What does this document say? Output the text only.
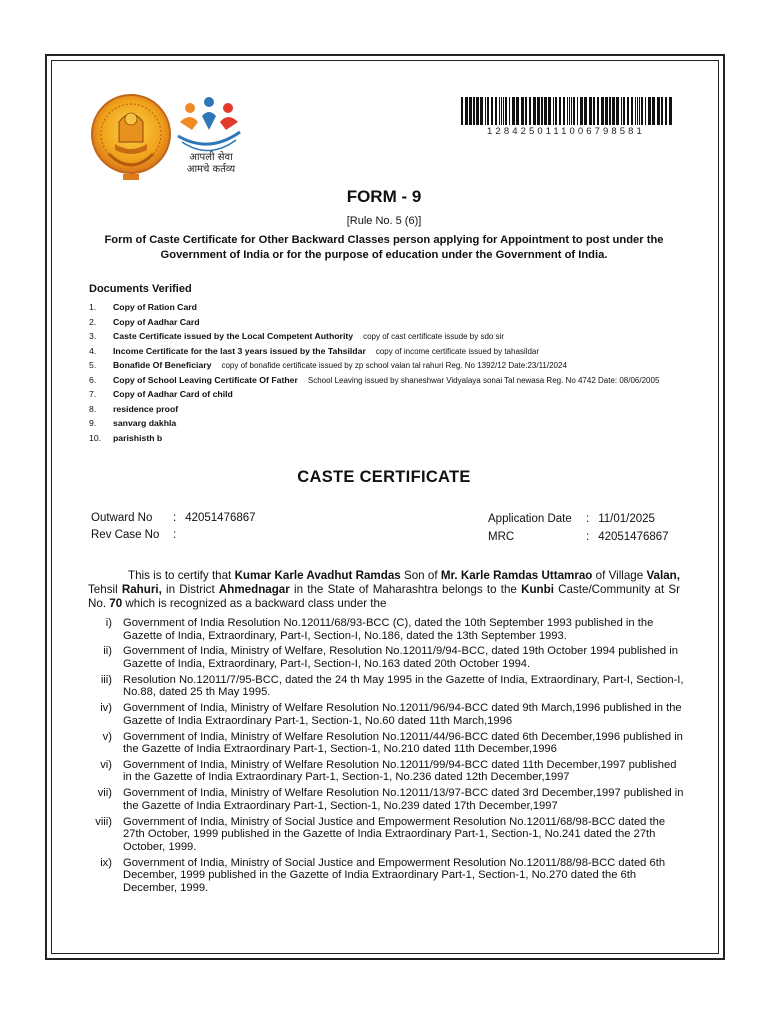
आपली सेवा
आमचे कर्तव्य
1284250111006798581
FORM - 9
[Rule No. 5 (6)]
Form of Caste Certificate for Other Backward Classes person applying for Appointment to post under the Government of India or for the purpose of education under the Government of India.
Documents Verified
1.	Copy of Ration Card
2.	Copy of Aadhar Card
3.	Caste Certificate issued by the Local Competent Authority copy of cast certificate issude by sdo sir
4.	Income Certificate for the last 3 years issued by the Tahsildar copy of income certificate issued by tahasildar
5.	Bonafide Of Beneficiary copy of bonafide certificate issued by zp school valan tal rahuri Reg. No 1392/12 Date:23/11/2024
6.	Copy of School Leaving Certificate Of Father School Leaving issued by shaneshwar Vidyalaya sonai Tal newasa Reg. No 4742 Date: 08/06/2005
7.	Copy of Aadhar Card of child
8.	residence proof
9.	sanvarg dakhla
10.	parishisth b
CASTE CERTIFICATE
Outward No : 42051476867
Rev Case No :
Application Date : 11/01/2025
MRC	: 42051476867
This is to certify that Kumar Karle Avadhut Ramdas Son of Mr. Karle Ramdas Uttamrao of Village Valan, Tehsil Rahuri, in District Ahmednagar in the State of Maharashtra belongs to the Kunbi Caste/Community at Sr No. 70 which is recognized as a backward class under the
i) Government of India Resolution No.12011/68/93-BCC (C), dated the 10th September 1993 published in the Gazette of India, Extraordinary, Part-I, Section-I, No.186, dated the 13th September 1993.
ii) Government of India, Ministry of Welfare, Resolution No.12011/9/94-BCC, dated 19th October 1994 published in Gazette of India, Extraordinary, Part-I, Section-I, No.163 dated 20th October 1994.
iii) Resolution No.12011/7/95-BCC, dated the 24 th May 1995 in the Gazette of India, Extraordinary, Part-I, Section-I, No.88, dated 25 th May 1995.
iv) Government of India, Ministry of Welfare Resolution No.12011/96/94-BCC dated 9th March,1996 published in the Gazette of India Extraordinary Part-1, Section-1, No.60 dated 11th March,1996
v) Government of India, Ministry of Welfare Resolution No.12011/44/96-BCC dated 6th December,1996 published in the Gazette of India Extraordinary Part-1, Section-1, No.210 dated 11th December,1996
vi) Government of India, Ministry of Welfare Resolution No.12011/99/94-BCC dated 11th December,1997 published in the Gazette of India Extraordinary Part-1, Section-1, No.236 dated 12th December,1997
vii) Government of India, Ministry of Welfare Resolution No.12011/13/97-BCC dated 3rd December,1997 published in the Gazette of India Extraordinary Part-1, Section-1, No.239 dated 17th December,1997
viii) Government of India, Ministry of Social Justice and Empowerment Resolution No.12011/68/98-BCC dated the 27th October, 1999 published in the Gazette of India Extraordinary Part-1, Section-1, No.241 dated the 27th October, 1999.
ix) Government of India, Ministry of Social Justice and Empowerment Resolution No.12011/88/98-BCC dated 6th December, 1999 published in the Gazette of India Extraordinary Part-1, Section-1, No.270 dated the 6th December, 1999.
